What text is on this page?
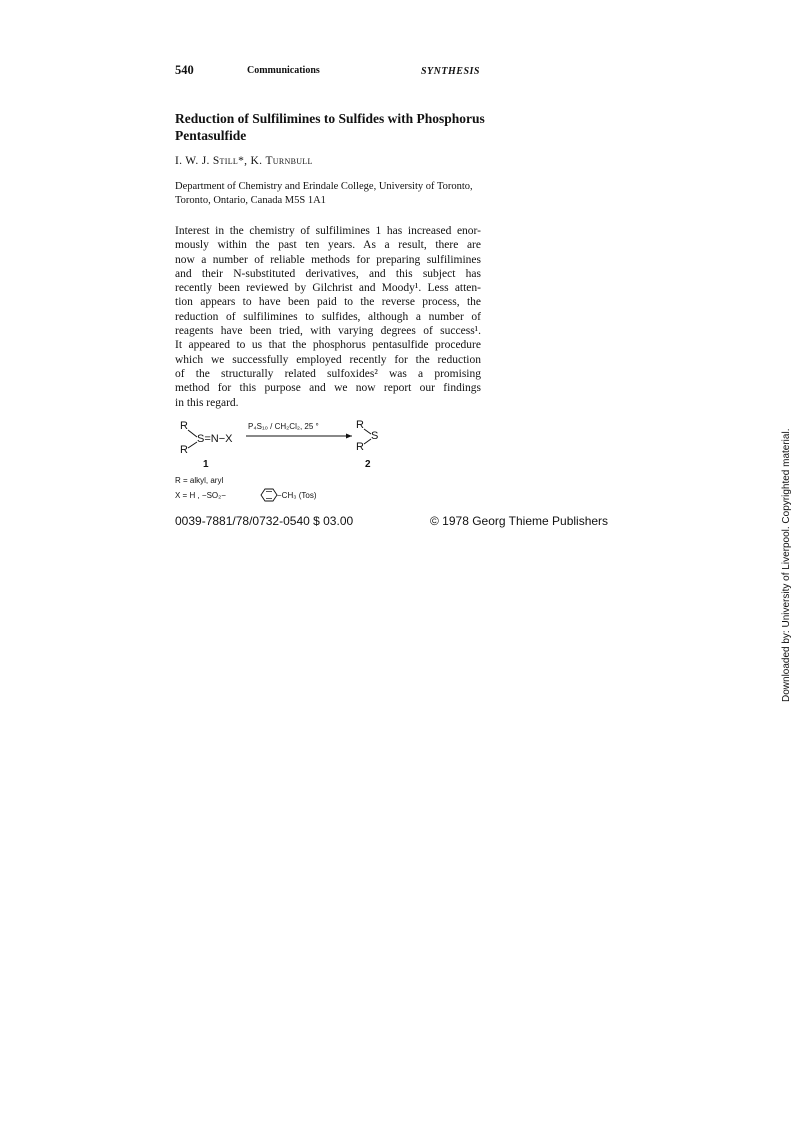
540	Communications	SYNTHESIS
Reduction of Sulfilimines to Sulfides with Phosphorus Pentasulfide
I. W. J. Still*, K. Turnbull
Department of Chemistry and Erindale College, University of Toronto, Toronto, Ontario, Canada M5S 1A1
Interest in the chemistry of sulfilimines 1 has increased enor-
mously within the past ten years. As a result, there are
now a number of reliable methods for preparing sulfilimines
and their N-substituted derivatives, and this subject has
recently been reviewed by Gilchrist and Moody¹. Less atten-
tion appears to have been paid to the reverse process, the
reduction of sulfilimines to sulfides, although a number of
reagents have been tried, with varying degrees of success¹.
It appeared to us that the phosphorus pentasulfide procedure
which we successfully employed recently for the reduction
of the structurally related sulfoxides² was a promising
method for this purpose and we now report our findings
in this regard.
R
S=N−X
R
1
P₄S₁₀ / CH₂Cl₂, 25 °	R
S
R
2
R = alkyl, aryl
X = H , −SO₂−	−CH₃ (Tos)
0039-7881/78/0732-0540 $ 03.00	© 1978 Georg Thieme Publishers	Downloaded by: University of Liverpool. Copyrighted material.
